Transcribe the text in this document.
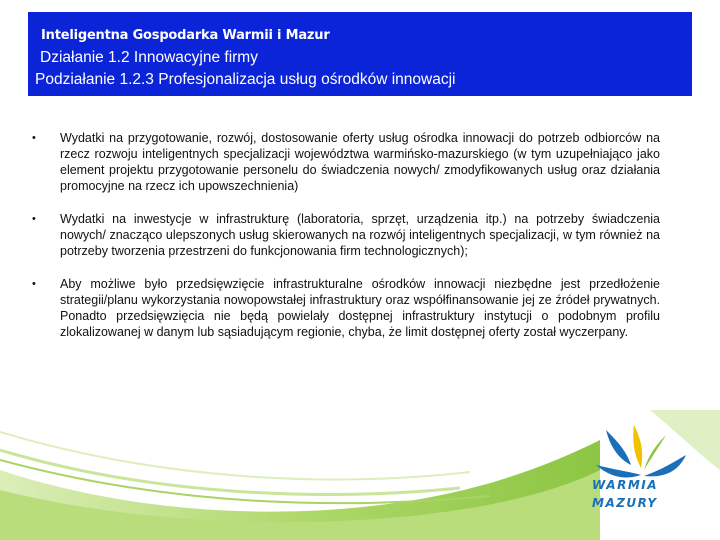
Inteligentna Gospodarka Warmii i Mazur
Działanie 1.2 Innowacyjne firmy
Podziałanie 1.2.3 Profesjonalizacja usług ośrodków innowacji
• Wydatki na przygotowanie, rozwój, dostosowanie oferty usług ośrodka innowacji do potrzeb odbiorców na rzecz rozwoju inteligentnych specjalizacji województwa warmińsko-mazurskiego (w tym uzupełniająco jako element projektu przygotowanie personelu do świadczenia nowych/ zmodyfikowanych usług oraz działania promocyjne na rzecz ich upowszechnienia)
• Wydatki na inwestycje w infrastrukturę (laboratoria, sprzęt, urządzenia itp.) na potrzeby świadczenia nowych/ znacząco ulepszonych usług skierowanych na rozwój inteligentnych specjalizacji, w tym również na potrzeby tworzenia przestrzeni do funkcjonowania firm technologicznych);
• Aby możliwe było przedsięwzięcie infrastrukturalne ośrodków innowacji niezbędne jest przedłożenie strategii/planu wykorzystania nowopowstałej infrastruktury oraz współfinansowanie jej ze źródeł prywatnych. Ponadto przedsięwzięcia nie będą powielały dostępnej infrastruktury instytucji o podobnym profilu zlokalizowanej w danym lub sąsiadującym regionie, chyba, że limit dostępnej oferty został wyczerpany.
WARMIA
MAZURY
